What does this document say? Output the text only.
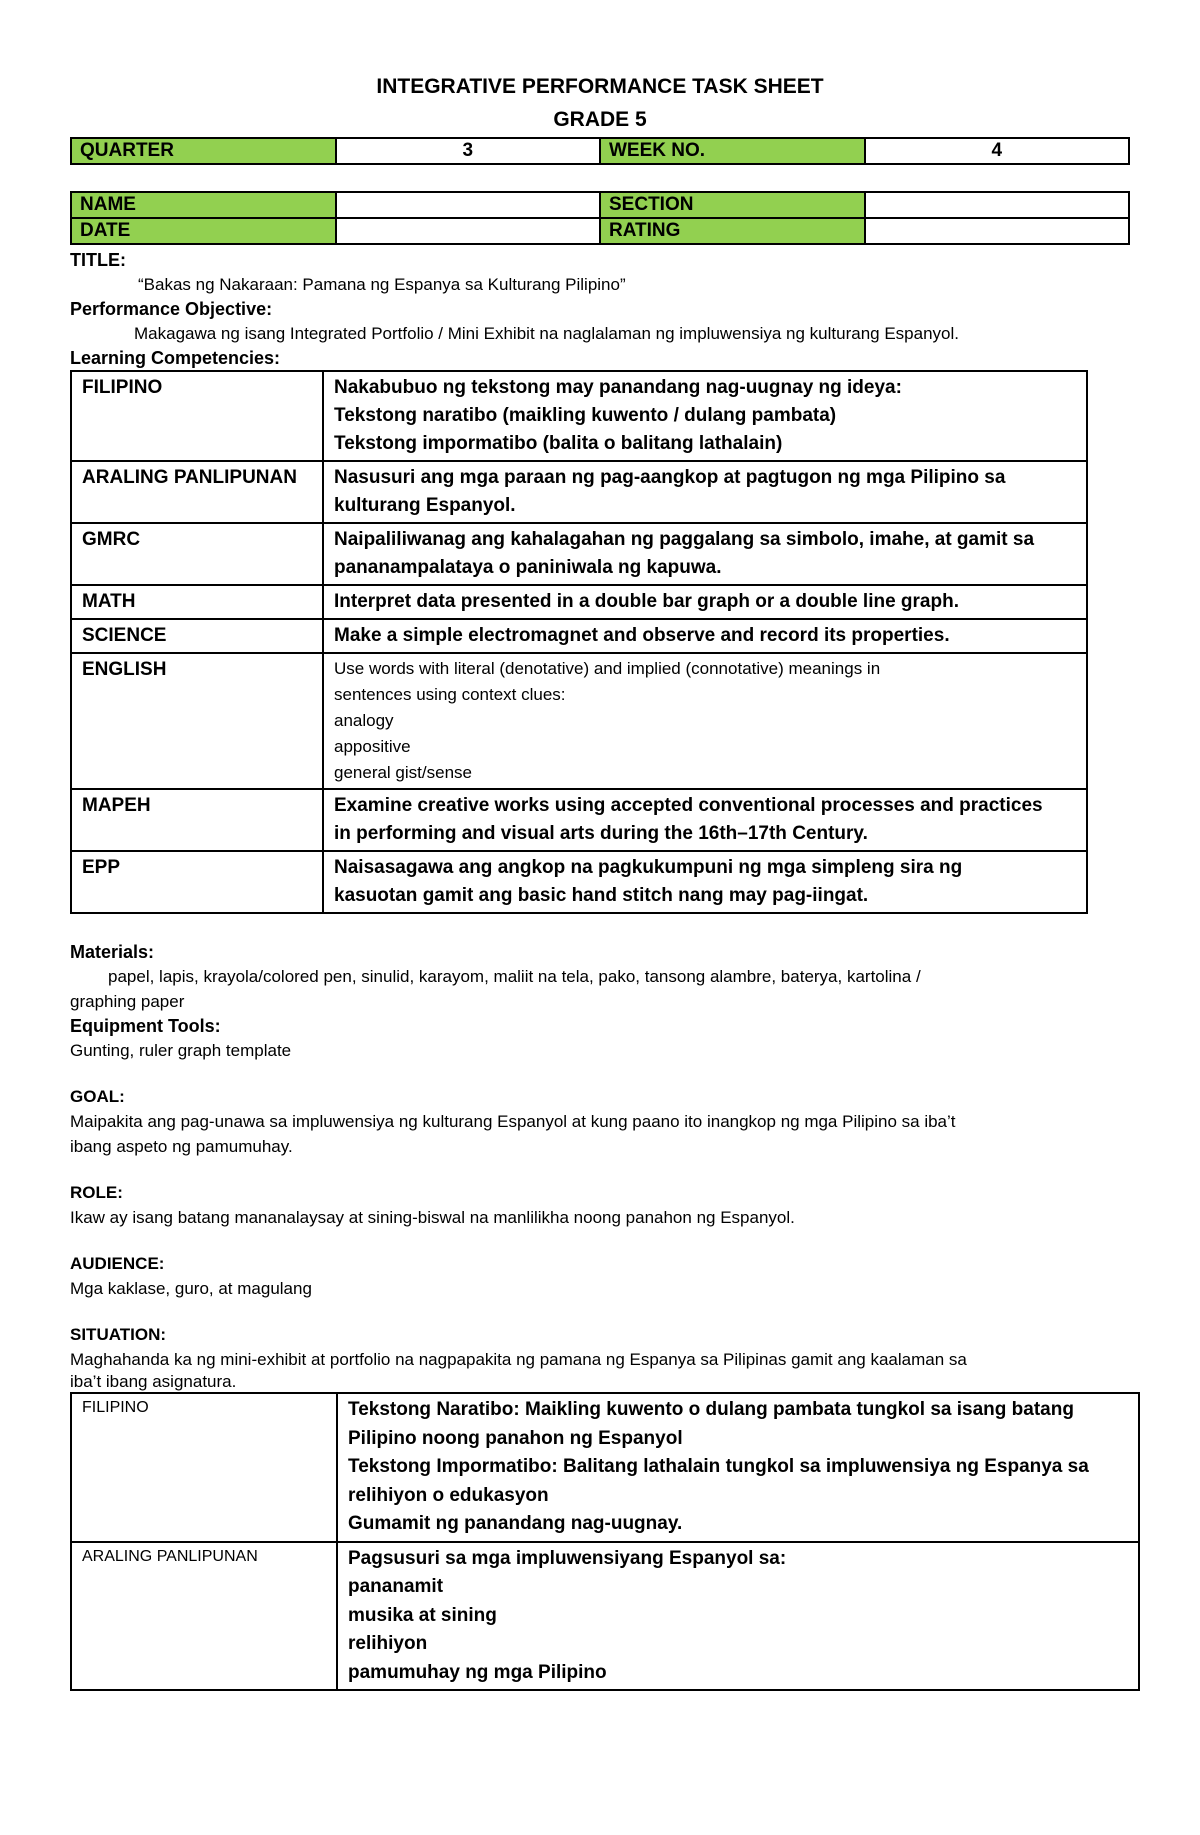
INTEGRATIVE PERFORMANCE TASK SHEET
GRADE 5
QUARTER	3	WEEK NO.	4
NAME		SECTION	
DATE		RATING	
TITLE:
“Bakas ng Nakaraan: Pamana ng Espanya sa Kulturang Pilipino”
Performance Objective:
Makagawa ng isang Integrated Portfolio / Mini Exhibit na naglalaman ng impluwensiya ng kulturang Espanyol.
Learning Competencies:
FILIPINO	Nakabubuo ng tekstong may panandang nag-uugnay ng ideya:
Tekstong naratibo (maikling kuwento / dulang pambata)
Tekstong impormatibo (balita o balitang lathalain)

ARALING PANLIPUNAN	Nasusuri ang mga paraan ng pag-aangkop at pagtugon ng mga Pilipino sa
kulturang Espanyol.

GMRC	Naipaliliwanag ang kahalagahan ng paggalang sa simbolo, imahe, at gamit sa
pananampalataya o paniniwala ng kapuwa.

MATH	Interpret data presented in a double bar graph or a double line graph.

SCIENCE	Make a simple electromagnet and observe and record its properties.

ENGLISH	Use words with literal (denotative) and implied (connotative) meanings in
sentences using context clues:
analogy
appositive
general gist/sense

MAPEH	Examine creative works using accepted conventional processes and practices
in performing and visual arts during the 16th–17th Century.

EPP	Naisasagawa ang angkop na pagkukumpuni ng mga simpleng sira ng
kasuotan gamit ang basic hand stitch nang may pag-iingat.
Materials:
papel, lapis, krayola/colored pen, sinulid, karayom, maliit na tela, pako, tansong alambre, baterya, kartolina /
graphing paper
Equipment Tools:
Gunting, ruler graph template
GOAL:
Maipakita ang pag-unawa sa impluwensiya ng kulturang Espanyol at kung paano ito inangkop ng mga Pilipino sa iba’t
ibang aspeto ng pamumuhay.
ROLE:
Ikaw ay isang batang mananalaysay at sining-biswal na manlilikha noong panahon ng Espanyol.
AUDIENCE:
Mga kaklase, guro, at magulang
SITUATION:
Maghahanda ka ng mini-exhibit at portfolio na nagpapakita ng pamana ng Espanya sa Pilipinas gamit ang kaalaman sa
iba’t ibang asignatura.
FILIPINO	Tekstong Naratibo: Maikling kuwento o dulang pambata tungkol sa isang batang
Pilipino noong panahon ng Espanyol
Tekstong Impormatibo: Balitang lathalain tungkol sa impluwensiya ng Espanya sa
relihiyon o edukasyon
Gumamit ng panandang nag-uugnay.

ARALING PANLIPUNAN	Pagsusuri sa mga impluwensiyang Espanyol sa:
pananamit
musika at sining
relihiyon
pamumuhay ng mga Pilipino
